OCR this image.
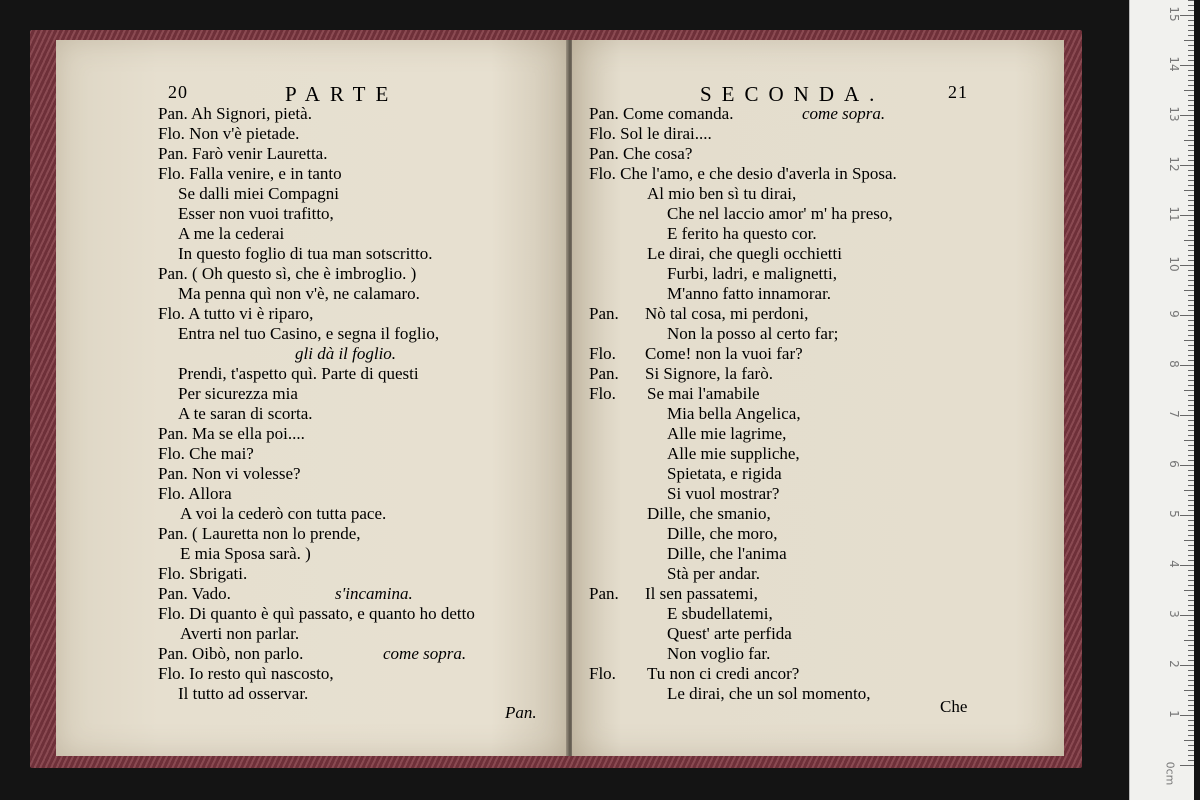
20	PARTE
Pan. Ah Signori, pietà.
Flo. Non v'è pietade.
Pan. Farò venir Lauretta.
Flo. Falla venire, e in tanto
Se dalli miei Compagni
Esser non vuoi trafitto,
A me la cederai
In questo foglio di tua man sotscritto.
Pan. ( Oh questo sì, che è imbroglio. )
Ma penna quì non v'è, ne calamaro.
Flo. A tutto vi è riparo,
Entra nel tuo Casino, e segna il foglio,
gli dà il foglio.
Prendi, t'aspetto quì. Parte di questi
Per sicurezza mia
A te saran di scorta.
Pan. Ma se ella poi....
Flo. Che mai?
Pan. Non vi volesse?
Flo. Allora
A voi la cederò con tutta pace.
Pan. ( Lauretta non lo prende,
E mia Sposa sarà. )
Flo. Sbrigati.
Pan. Vado.	s'incamina.
Flo. Di quanto è quì passato, e quanto ho detto
Averti non parlar.
Pan. Oibò, non parlo.	come sopra.
Flo. Io resto quì nascosto,
Il tutto ad osservar.
Pan.
SECONDA.	21
Pan. Come comanda.	come sopra.
Flo. Sol le dirai....
Pan. Che cosa?
Flo. Che l'amo, e che desio d'averla in Sposa.
Al mio ben sì tu dirai,
Che nel laccio amor' m' ha preso,
E ferito ha questo cor.
Le dirai, che quegli occhietti
Furbi, ladri, e malignetti,
M'anno fatto innamorar.
Pan. Nò tal cosa, mi perdoni,
Non la posso al certo far;
Flo. Come! non la vuoi far?
Pan. Si Signore, la farò.
Flo. Se mai l'amabile
Mia bella Angelica,
Alle mie lagrime,
Alle mie suppliche,
Spietata, e rigida
Si vuol mostrar?
Dille, che smanio,
Dille, che moro,
Dille, che l'anima
Stà per andar.
Pan. Il sen passatemi,
E sbudellatemi,
Quest' arte perfida
Non voglio far.
Flo. Tu non ci credi ancor?
Le dirai, che un sol momento,
Che	1
2
3
4
5
6
7
8
9
10
11
12
13
14
15
0cm
